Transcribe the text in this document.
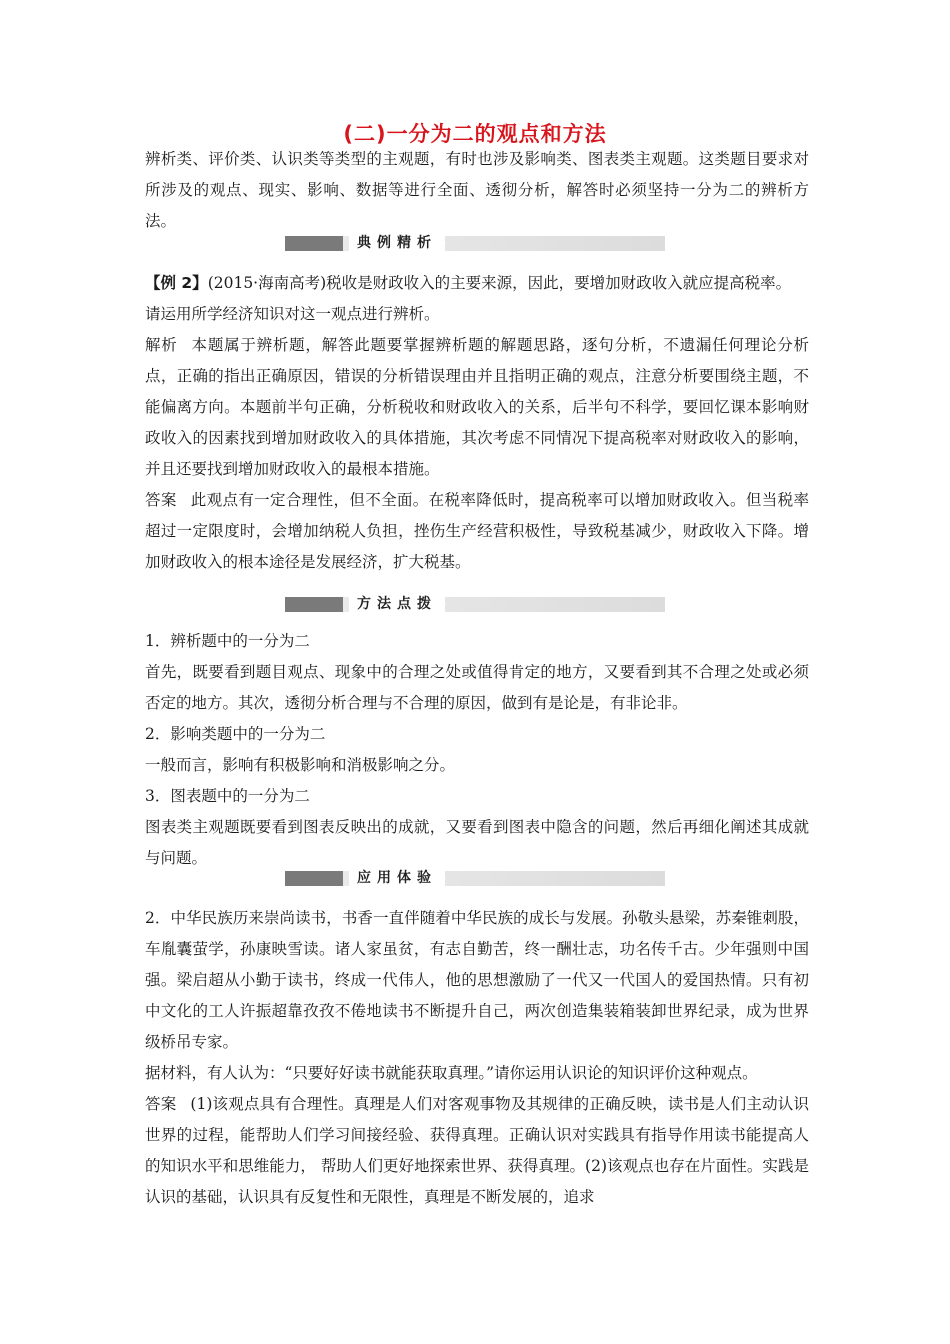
(二)一分为二的观点和方法

辨析类、评价类、认识类等类型的主观题，有时也涉及影响类、图表类主观题。这类题目要求对所涉及的观点、现实、影响、数据等进行全面、透彻分析，解答时必须坚持一分为二的辨析方法。

典例精析

【例 2】(2015·海南高考)税收是财政收入的主要来源，因此，要增加财政收入就应提高税率。

请运用所学经济知识对这一观点进行辨析。

解析 本题属于辨析题，解答此题要掌握辨析题的解题思路，逐句分析，不遗漏任何理论分析点，正确的指出正确原因，错误的分析错误理由并且指明正确的观点，注意分析要围绕主题，不能偏离方向。本题前半句正确，分析税收和财政收入的关系，后半句不科学，要回忆课本影响财政收入的因素找到增加财政收入的具体措施，其次考虑不同情况下提高税率对财政收入的影响，并且还要找到增加财政收入的最根本措施。

答案 此观点有一定合理性，但不全面。在税率降低时，提高税率可以增加财政收入。但当税率超过一定限度时，会增加纳税人负担，挫伤生产经营积极性，导致税基减少，财政收入下降。增加财政收入的根本途径是发展经济，扩大税基。

方法点拨

1．辨析题中的一分为二

首先，既要看到题目观点、现象中的合理之处或值得肯定的地方，又要看到其不合理之处或必须否定的地方。其次，透彻分析合理与不合理的原因，做到有是论是，有非论非。

2．影响类题中的一分为二

一般而言，影响有积极影响和消极影响之分。

3．图表题中的一分为二

图表类主观题既要看到图表反映出的成就，又要看到图表中隐含的问题，然后再细化阐述其成就与问题。

应用体验

2．中华民族历来崇尚读书，书香一直伴随着中华民族的成长与发展。孙敬头悬梁，苏秦锥刺股，车胤囊萤学，孙康映雪读。诸人家虽贫，有志自勤苦，终一酬壮志，功名传千古。少年强则中国强。梁启超从小勤于读书，终成一代伟人，他的思想激励了一代又一代国人的爱国热情。只有初中文化的工人许振超靠孜孜不倦地读书不断提升自己，两次创造集装箱装卸世界纪录，成为世界级桥吊专家。

据材料，有人认为：“只要好好读书就能获取真理。”请你运用认识论的知识评价这种观点。

答案 (1)该观点具有合理性。真理是人们对客观事物及其规律的正确反映，读书是人们主动认识世界的过程，能帮助人们学习间接经验、获得真理。正确认识对实践具有指导作用读书能提高人的知识水平和思维能力， 帮助人们更好地探索世界、获得真理。(2)该观点也存在片面性。实践是认识的基础，认识具有反复性和无限性，真理是不断发展的，追求
